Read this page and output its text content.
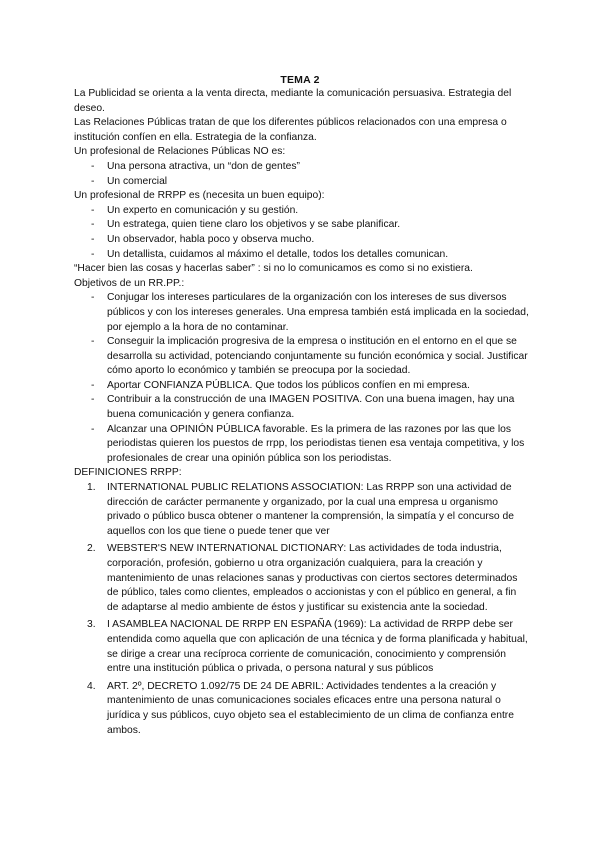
TEMA 2

La Publicidad se orienta a la venta directa, mediante la comunicación persuasiva. Estrategia del deseo.

Las Relaciones Públicas tratan de que los diferentes públicos relacionados con una empresa o institución confíen en ella. Estrategia de la confianza.

Un profesional de Relaciones Públicas NO es:

- Una persona atractiva, un “don de gentes”
- Un comercial

Un profesional de RRPP es (necesita un buen equipo):

- Un experto en comunicación y su gestión.
- Un estratega, quien tiene claro los objetivos y se sabe planificar.
- Un observador, habla poco y observa mucho.
- Un detallista, cuidamos al máximo el detalle, todos los detalles comunican.

“Hacer bien las cosas y hacerlas saber” : si no lo comunicamos es como si no existiera.

Objetivos de un RR.PP.:

- Conjugar los intereses particulares de la organización con los intereses de sus diversos públicos y con los intereses generales. Una empresa también está implicada en la sociedad, por ejemplo a la hora de no contaminar.
- Conseguir la implicación progresiva de la empresa o institución en el entorno en el que se desarrolla su actividad, potenciando conjuntamente su función económica y social. Justificar cómo aporto lo económico y también se preocupa por la sociedad.
- Aportar CONFIANZA PÚBLICA. Que todos los públicos confíen en mi empresa.
- Contribuir a la construcción de una IMAGEN POSITIVA. Con una buena imagen, hay una buena comunicación y genera confianza.
- Alcanzar una OPINIÓN PÚBLICA favorable. Es la primera de las razones por las que los periodistas quieren los puestos de rrpp, los periodistas tienen esa ventaja competitiva, y los profesionales de crear una opinión pública son los periodistas.

DEFINICIONES RRPP:

1. INTERNATIONAL PUBLIC RELATIONS ASSOCIATION: Las RRPP son una actividad de dirección de carácter permanente y organizado, por la cual una empresa u organismo privado o público busca obtener o mantener la comprensión, la simpatía y el concurso de aquellos con los que tiene o puede tener que ver
2. WEBSTER'S NEW INTERNATIONAL DICTIONARY: Las actividades de toda industria, corporación, profesión, gobierno u otra organización cualquiera, para la creación y mantenimiento de unas relaciones sanas y productivas con ciertos sectores determinados de público, tales como clientes, empleados o accionistas y con el público en general, a fin de adaptarse al medio ambiente de éstos y justificar su existencia ante la sociedad.
3. I ASAMBLEA NACIONAL DE RRPP EN ESPAÑA (1969): La actividad de RRPP debe ser entendida como aquella que con aplicación de una técnica y de forma planificada y habitual, se dirige a crear una recíproca corriente de comunicación, conocimiento y comprensión entre una institución pública o privada, o persona natural y sus públicos
4. ART. 2º, DECRETO 1.092/75 DE 24 DE ABRIL: Actividades tendentes a la creación y mantenimiento de unas comunicaciones sociales eficaces entre una persona natural o jurídica y sus públicos, cuyo objeto sea el establecimiento de un clima de confianza entre ambos.
